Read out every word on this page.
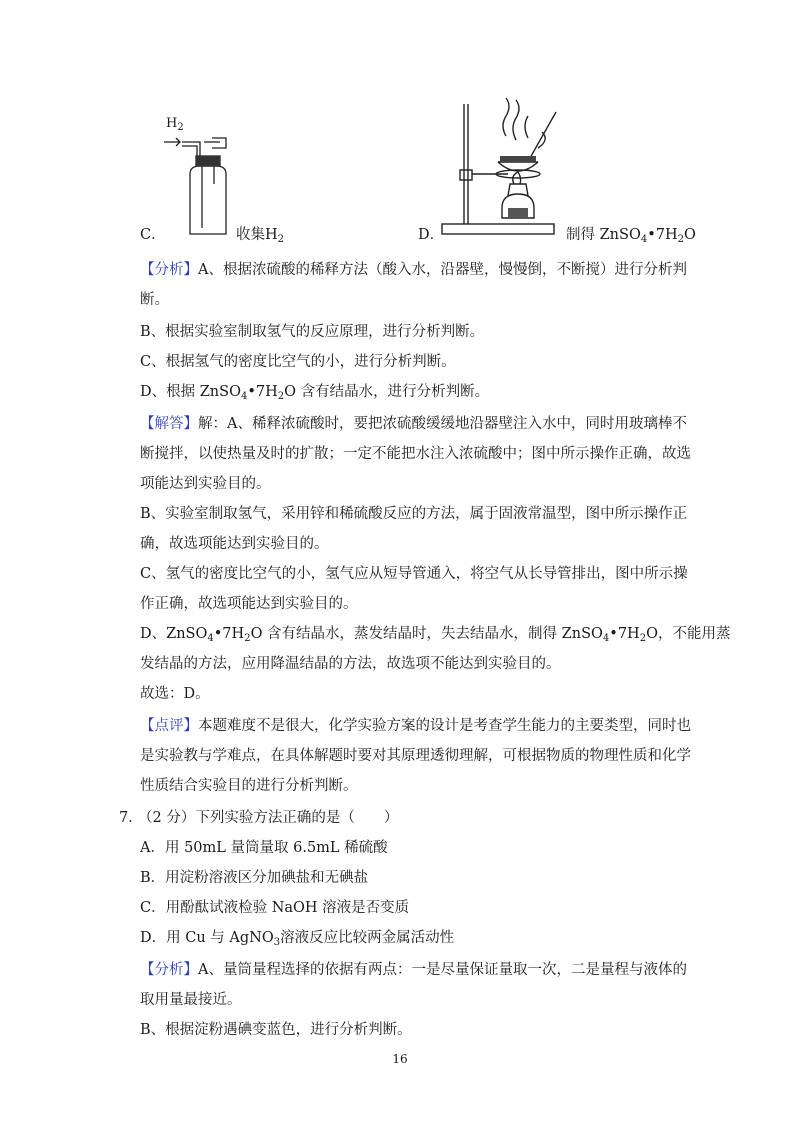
$H_2$
C．	收集$H_2$	D．	制得 $ZnSO_4•7H_2O$
【分析】A、根据浓硫酸的稀释方法（酸入水，沿器壁，慢慢倒，不断搅）进行分析判
断。
B、根据实验室制取氢气的反应原理，进行分析判断。
C、根据氢气的密度比空气的小，进行分析判断。
D、根据 $ZnSO_4•7H_2O$ 含有结晶水，进行分析判断。
【解答】解：A、稀释浓硫酸时，要把浓硫酸缓缓地沿器壁注入水中，同时用玻璃棒不
断搅拌，以使热量及时的扩散；一定不能把水注入浓硫酸中；图中所示操作正确，故选
项能达到实验目的。
B、实验室制取氢气，采用锌和稀硫酸反应的方法，属于固液常温型，图中所示操作正
确，故选项能达到实验目的。
C、氢气的密度比空气的小，氢气应从短导管通入，将空气从长导管排出，图中所示操
作正确，故选项能达到实验目的。
D、$ZnSO_4•7H_2O$ 含有结晶水，蒸发结晶时，失去结晶水，制得 $ZnSO_4•7H_2O$，不能用蒸
发结晶的方法，应用降温结晶的方法，故选项不能达到实验目的。
故选：D。
【点评】本题难度不是很大，化学实验方案的设计是考查学生能力的主要类型，同时也
是实验教与学难点，在具体解题时要对其原理透彻理解，可根据物质的物理性质和化学
性质结合实验目的进行分析判断。
7．
（2 分）下列实验方法正确的是（　　）
A．用 50mL 量筒量取 6.5mL 稀硫酸
B．用淀粉溶液区分加碘盐和无碘盐
C．用酚酞试液检验 NaOH 溶液是否变质
D．用 Cu 与 AgNO$_3$溶液反应比较两金属活动性
【分析】A、量筒量程选择的依据有两点：一是尽量保证量取一次，二是量程与液体的
取用量最接近。
B、根据淀粉遇碘变蓝色，进行分析判断。
16
